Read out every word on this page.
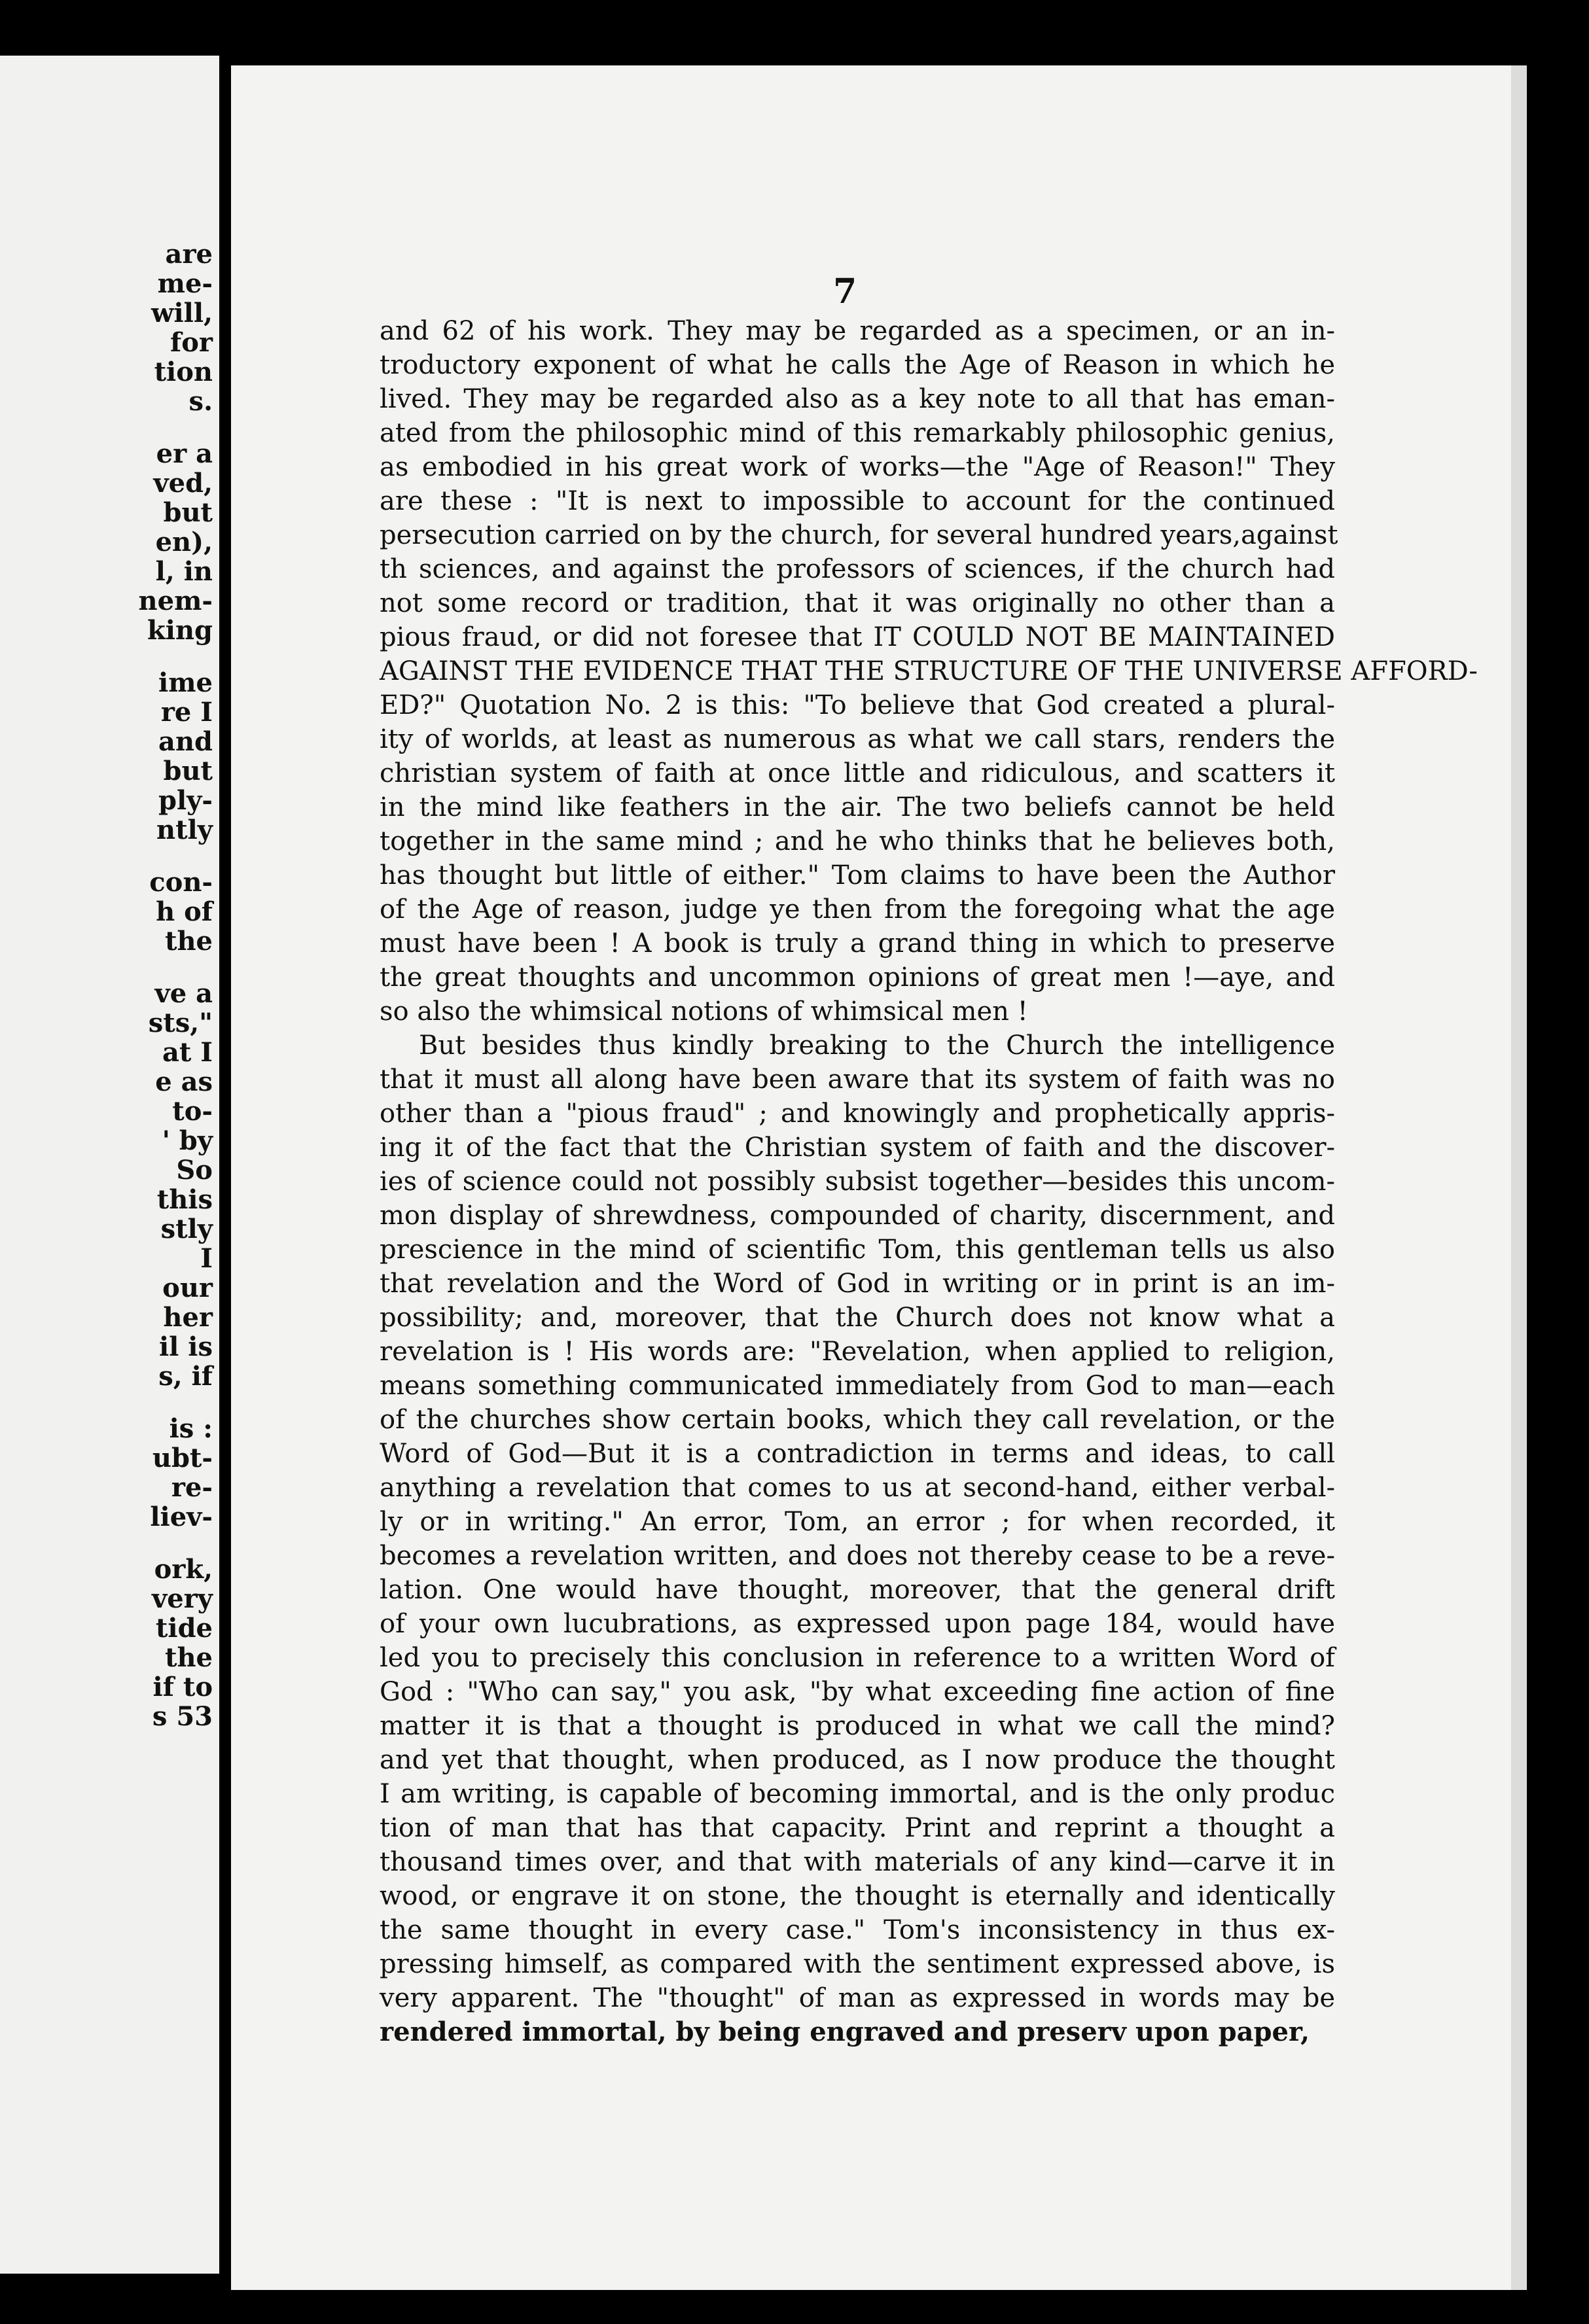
are
me-
will,
for
tion
s.
er a
ved,
but
en),
l, in
nem-
king
ime
re I
and
but
ply-
ntly
con-
h of
the
ve a
sts,"
at I
e as
to-
' by
So
this
stly
I
our
her
il is
s, if
is :
ubt-
re-
liev-
ork,
very
tide
the
if to
s 53
7
and 62 of his work. They may be regarded as a specimen, or an in-
troductory exponent of what he calls the Age of Reason in which he
lived. They may be regarded also as a key note to all that has eman-
ated from the philosophic mind of this remarkably philosophic genius,
as embodied in his great work of works—the "Age of Reason!" They
are these : "It is next to impossible to account for the continued
persecution carried on by the church, for several hundred years,against
th sciences, and against the professors of sciences, if the church had
not some record or tradition, that it was originally no other than a
pious fraud, or did not foresee that IT COULD NOT BE MAINTAINED
AGAINST THE EVIDENCE THAT THE STRUCTURE OF THE UNIVERSE AFFORD-
ED?" Quotation No. 2 is this: "To believe that God created a plural-
ity of worlds, at least as numerous as what we call stars, renders the
christian system of faith at once little and ridiculous, and scatters it
in the mind like feathers in the air. The two beliefs cannot be held
together in the same mind ; and he who thinks that he believes both,
has thought but little of either." Tom claims to have been the Author
of the Age of reason, judge ye then from the foregoing what the age
must have been ! A book is truly a grand thing in which to preserve
the great thoughts and uncommon opinions of great men !—aye, and
so also the whimsical notions of whimsical men !
But besides thus kindly breaking to the Church the intelligence
that it must all along have been aware that its system of faith was no
other than a "pious fraud" ; and knowingly and prophetically appris-
ing it of the fact that the Christian system of faith and the discover-
ies of science could not possibly subsist together—besides this uncom-
mon display of shrewdness, compounded of charity, discernment, and
prescience in the mind of scientific Tom, this gentleman tells us also
that revelation and the Word of God in writing or in print is an im-
possibility; and, moreover, that the Church does not know what a
revelation is ! His words are: "Revelation, when applied to religion,
means something communicated immediately from God to man—each
of the churches show certain books, which they call revelation, or the
Word of God—But it is a contradiction in terms and ideas, to call
anything a revelation that comes to us at second-hand, either verbal-
ly or in writing." An error, Tom, an error ; for when recorded, it
becomes a revelation written, and does not thereby cease to be a reve-
lation. One would have thought, moreover, that the general drift
of your own lucubrations, as expressed upon page 184, would have
led you to precisely this conclusion in reference to a written Word of
God : "Who can say," you ask, "by what exceeding fine action of fine
matter it is that a thought is produced in what we call the mind?
and yet that thought, when produced, as I now produce the thought
I am writing, is capable of becoming immortal, and is the only produc
tion of man that has that capacity. Print and reprint a thought a
thousand times over, and that with materials of any kind—carve it in
wood, or engrave it on stone, the thought is eternally and identically
the same thought in every case." Tom's inconsistency in thus ex-
pressing himself, as compared with the sentiment expressed above, is
very apparent. The "thought" of man as expressed in words may be
rendered immortal, by being engraved and preserv upon paper,
